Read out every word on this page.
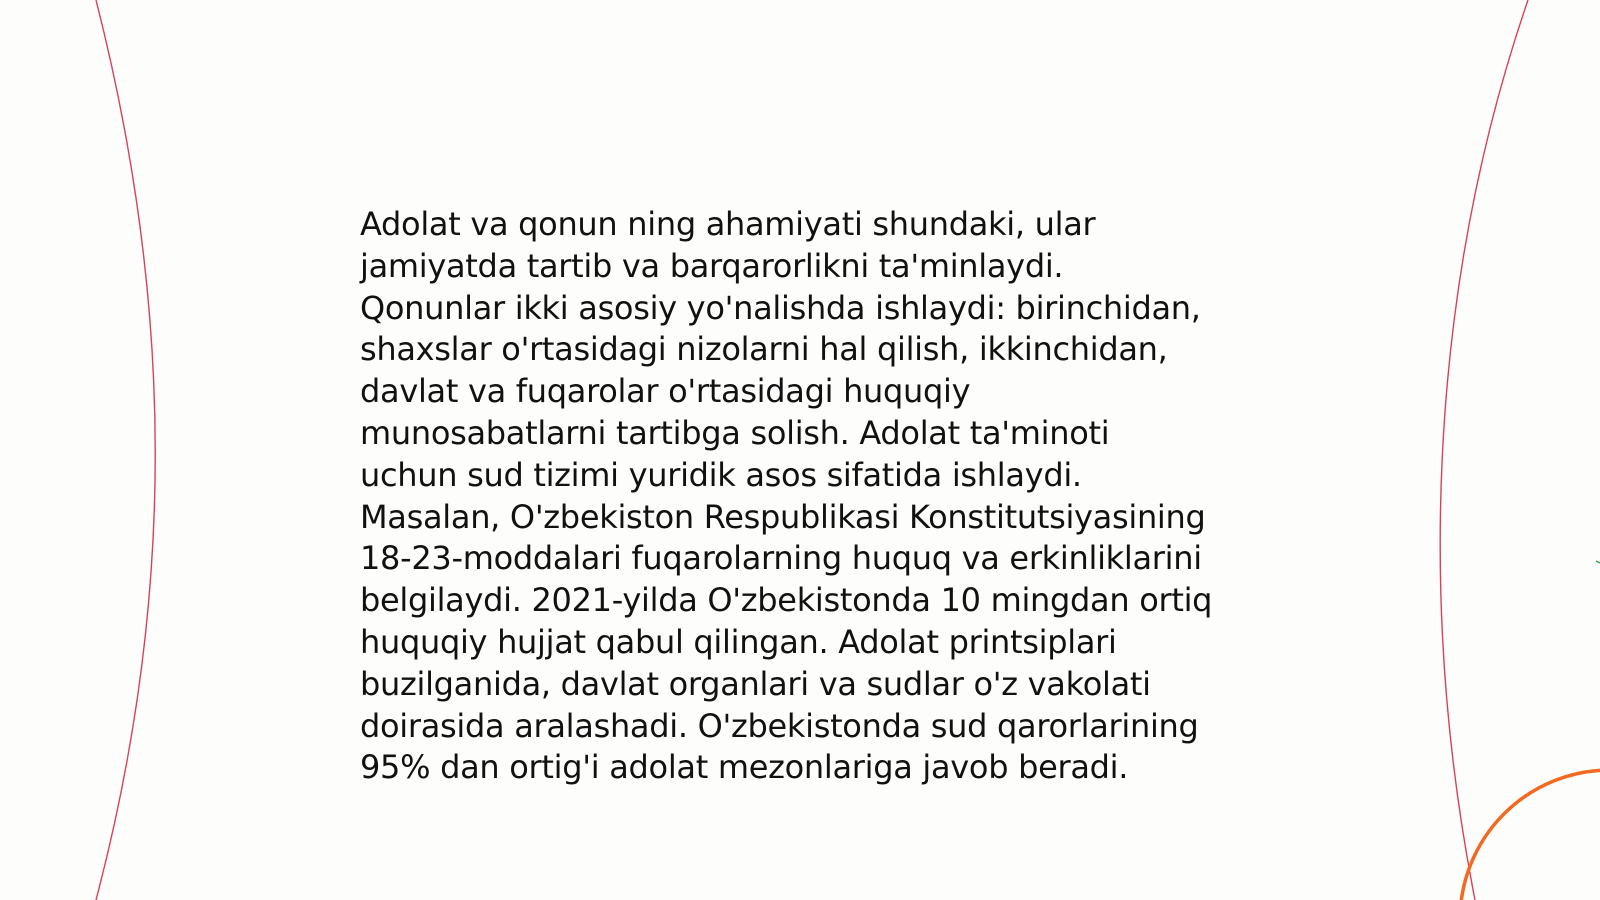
Adolat va qonun ning ahamiyati shundaki, ular
jamiyatda tartib va barqarorlikni ta'minlaydi.
Qonunlar ikki asosiy yo'nalishda ishlaydi: birinchidan,
shaxslar o'rtasidagi nizolarni hal qilish, ikkinchidan,
davlat va fuqarolar o'rtasidagi huquqiy
munosabatlarni tartibga solish. Adolat ta'minoti
uchun sud tizimi yuridik asos sifatida ishlaydi.
Masalan, O'zbekiston Respublikasi Konstitutsiyasining
18-23-moddalari fuqarolarning huquq va erkinliklarini
belgilaydi. 2021-yilda O'zbekistonda 10 mingdan ortiq
huquqiy hujjat qabul qilingan. Adolat printsiplari
buzilganida, davlat organlari va sudlar o'z vakolati
doirasida aralashadi. O'zbekistonda sud qarorlarining
95% dan ortig'i adolat mezonlariga javob beradi.
